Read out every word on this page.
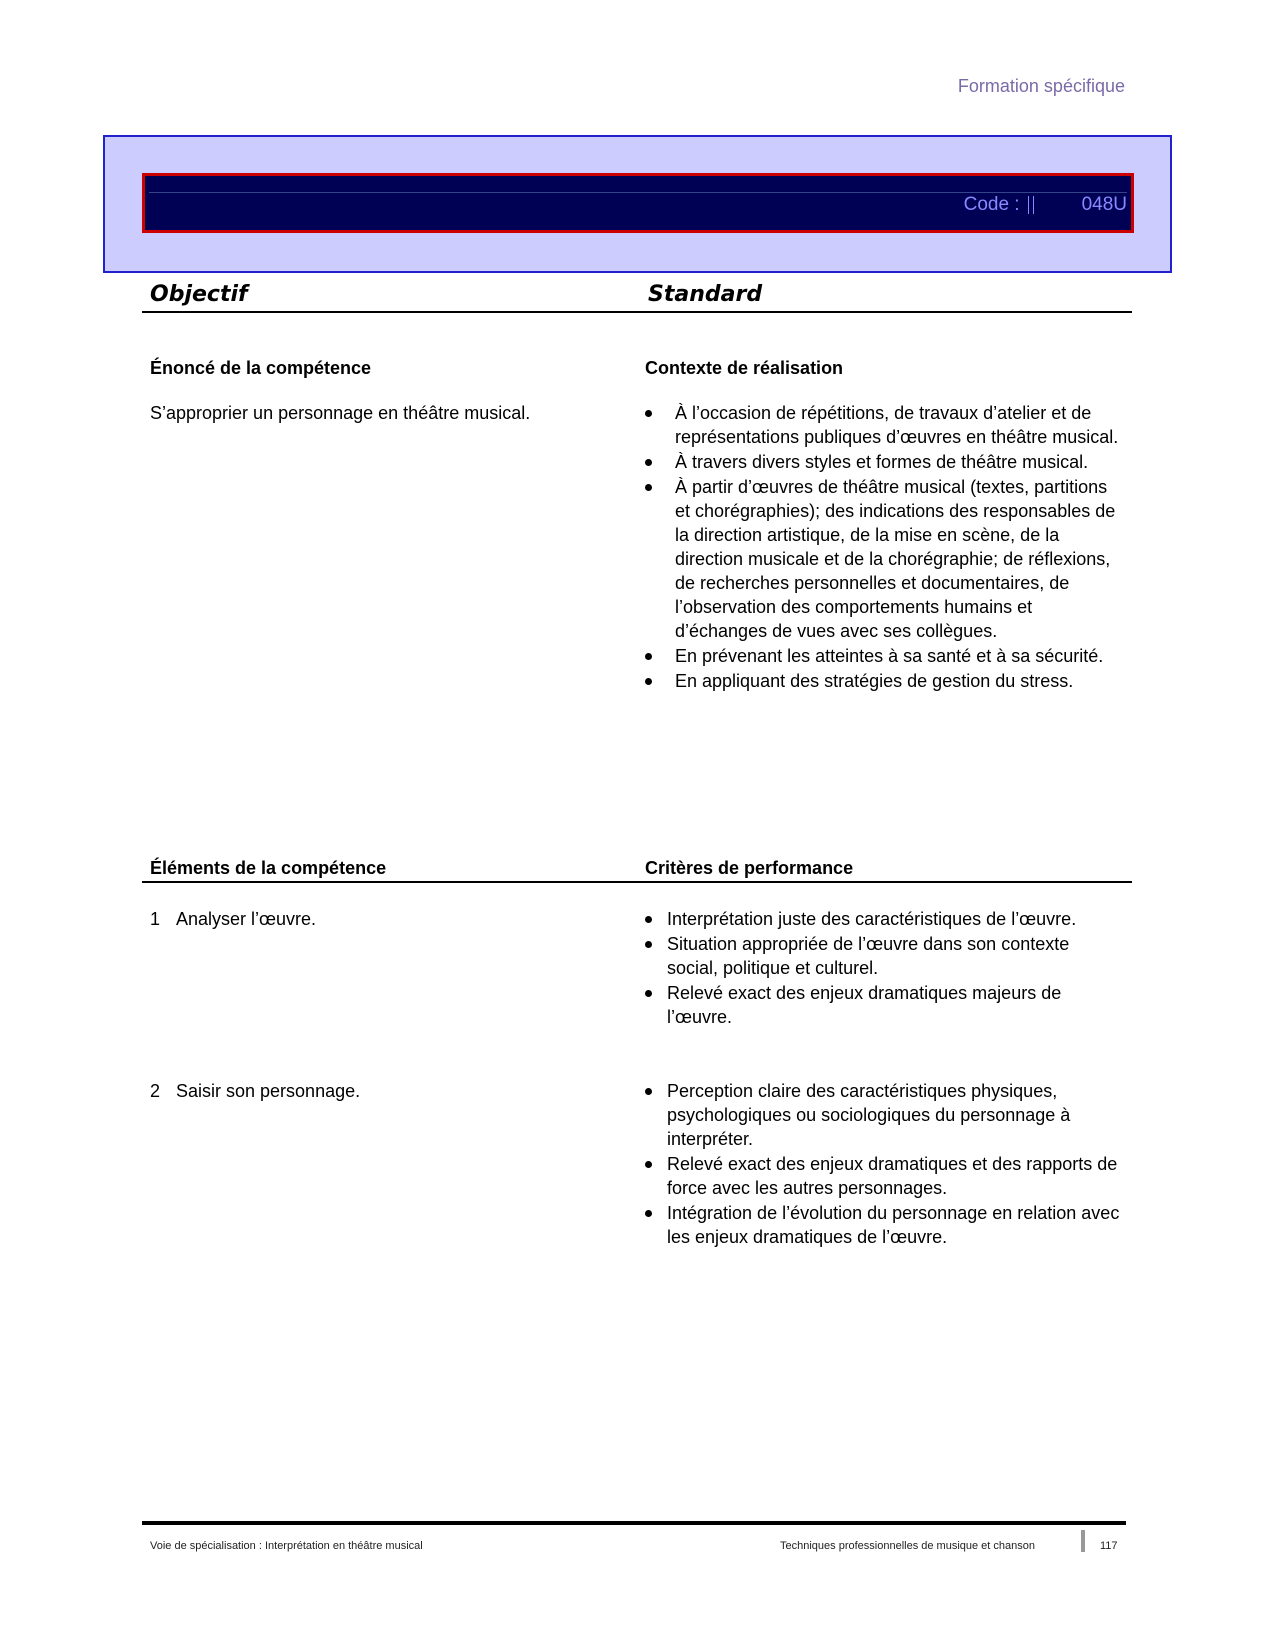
Formation spécifique
Code :	048U
Objectif	Standard
Énoncé de la compétence	Contexte de réalisation
S’approprier un personnage en théâtre musical.	À l’occasion de répétitions, de travaux d’atelier et de représentations publiques d’œuvres en théâtre musical.
À travers divers styles et formes de théâtre musical.
À partir d’œuvres de théâtre musical (textes, partitions et chorégraphies); des indications des responsables de la direction artistique, de la mise en scène, de la direction musicale et de la chorégraphie; de réflexions, de recherches personnelles et documentaires, de l’observation des comportements humains et d’échanges de vues avec ses collègues.
En prévenant les atteintes à sa santé et à sa sécurité.
En appliquant des stratégies de gestion du stress.
Éléments de la compétence	Critères de performance
1 Analyser l’œuvre.	Interprétation juste des caractéristiques de l’œuvre.
Situation appropriée de l’œuvre dans son contexte social, politique et culturel.
Relevé exact des enjeux dramatiques majeurs de l’œuvre.
2 Saisir son personnage.	Perception claire des caractéristiques physiques, psychologiques ou sociologiques du personnage à interpréter.
Relevé exact des enjeux dramatiques et des rapports de force avec les autres personnages.
Intégration de l’évolution du personnage en relation avec les enjeux dramatiques de l’œuvre.
Voie de spécialisation : Interprétation en théâtre musical	Techniques professionnelles de musique et chanson	117
